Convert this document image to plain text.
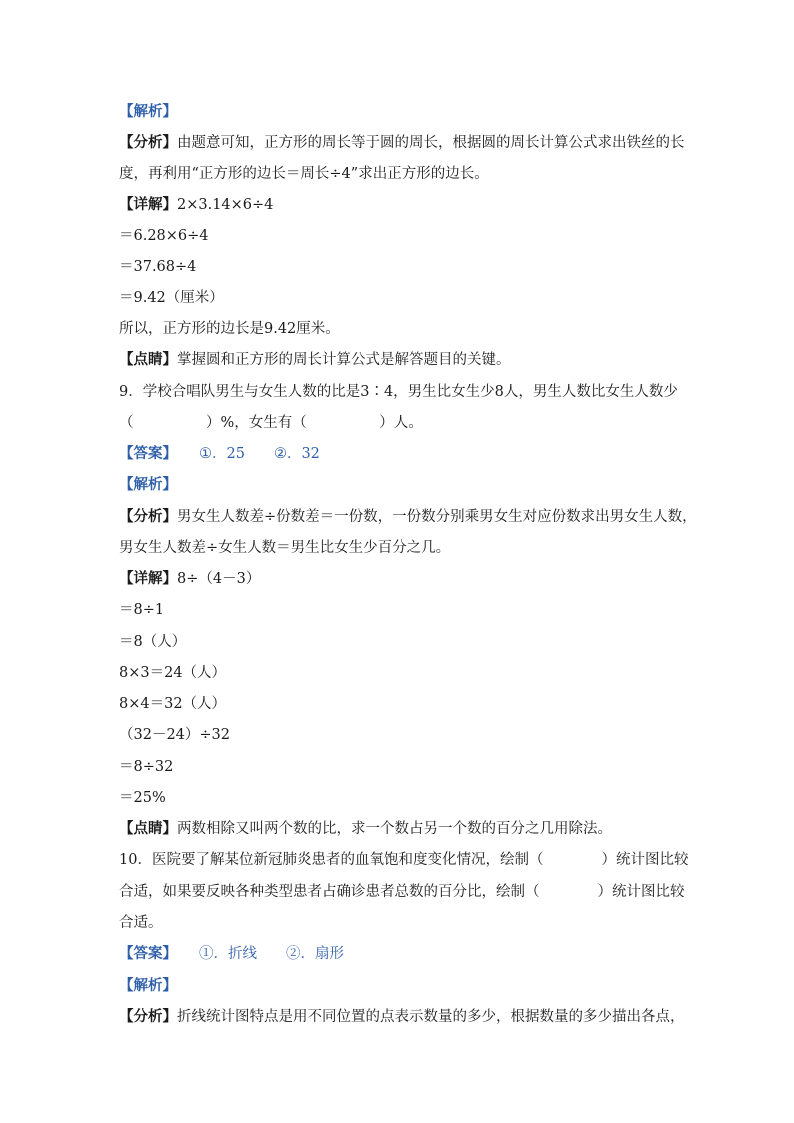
【解析】
【分析】由题意可知，正方形的周长等于圆的周长，根据圆的周长计算公式求出铁丝的长
度，再利用“正方形的边长＝周长÷4”求出正方形的边长。
【详解】2×3.14×6÷4
＝6.28×6÷4
＝37.68÷4
＝9.42（厘米）
所以，正方形的边长是9.42厘米。
【点睛】掌握圆和正方形的周长计算公式是解答题目的关键。
9．学校合唱队男生与女生人数的比是3∶4，男生比女生少8人，男生人数比女生人数少
（　　　　　）%，女生有（　　　　　）人。
【答案】 ①．25　　②．32
【解析】
【分析】男女生人数差÷份数差＝一份数，一份数分别乘男女生对应份数求出男女生人数，
男女生人数差÷女生人数＝男生比女生少百分之几。
【详解】8÷（4－3）
＝8÷1
＝8（人）
8×3＝24（人）
8×4＝32（人）
（32－24）÷32
＝8÷32
＝25%
【点睛】两数相除又叫两个数的比，求一个数占另一个数的百分之几用除法。
10．医院要了解某位新冠肺炎患者的血氧饱和度变化情况，绘制（　　　　）统计图比较
合适，如果要反映各种类型患者占确诊患者总数的百分比，绘制（　　　　）统计图比较
合适。
【答案】 ①．折线　　②．扇形
【解析】
【分析】折线统计图特点是用不同位置的点表示数量的多少，根据数量的多少描出各点，
